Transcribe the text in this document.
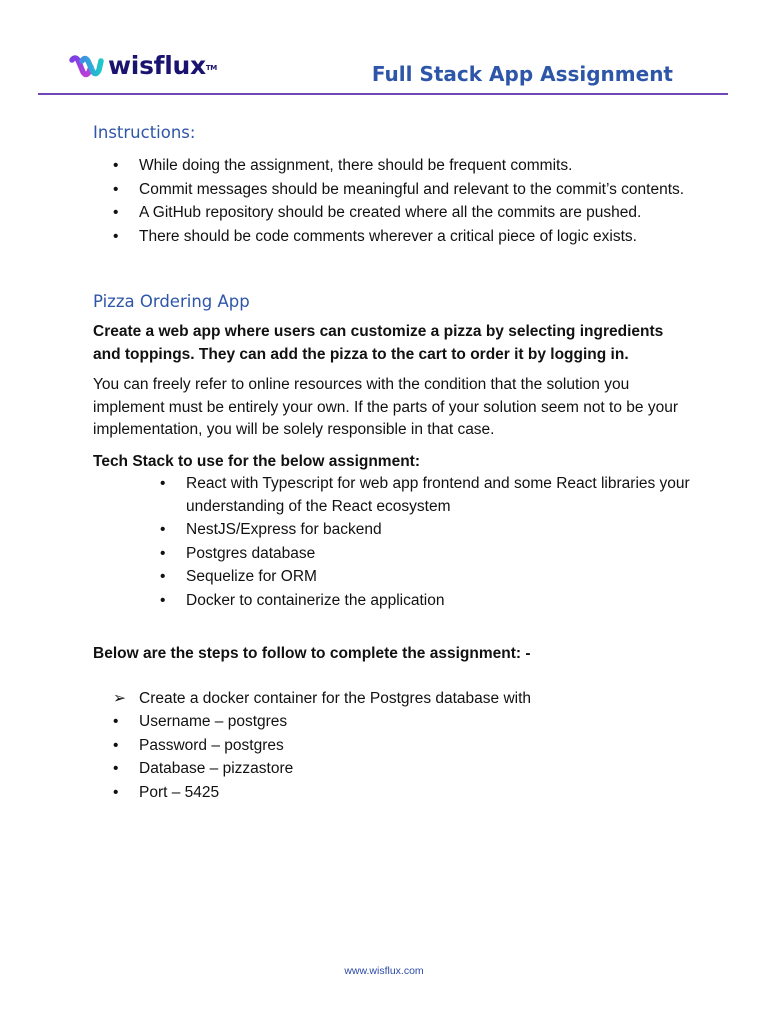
wisflux™	Full Stack App Assignment
Instructions:
• While doing the assignment, there should be frequent commits.
• Commit messages should be meaningful and relevant to the commit’s contents.
• A GitHub repository should be created where all the commits are pushed.
• There should be code comments wherever a critical piece of logic exists.
Pizza Ordering App

Create a web app where users can customize a pizza by selecting ingredients and toppings. They can add the pizza to the cart to order it by logging in.

You can freely refer to online resources with the condition that the solution you implement must be entirely your own. If the parts of your solution seem not to be your implementation, you will be solely responsible in that case.

Tech Stack to use for the below assignment:

• React with Typescript for web app frontend and some React libraries your understanding of the React ecosystem
• NestJS/Express for backend
• Postgres database
• Sequelize for ORM
• Docker to containerize the application

Below are the steps to follow to complete the assignment: -

➢ Create a docker container for the Postgres database with
• Username – postgres
• Password – postgres
• Database – pizzastore
• Port – 5425
www.wisflux.com
